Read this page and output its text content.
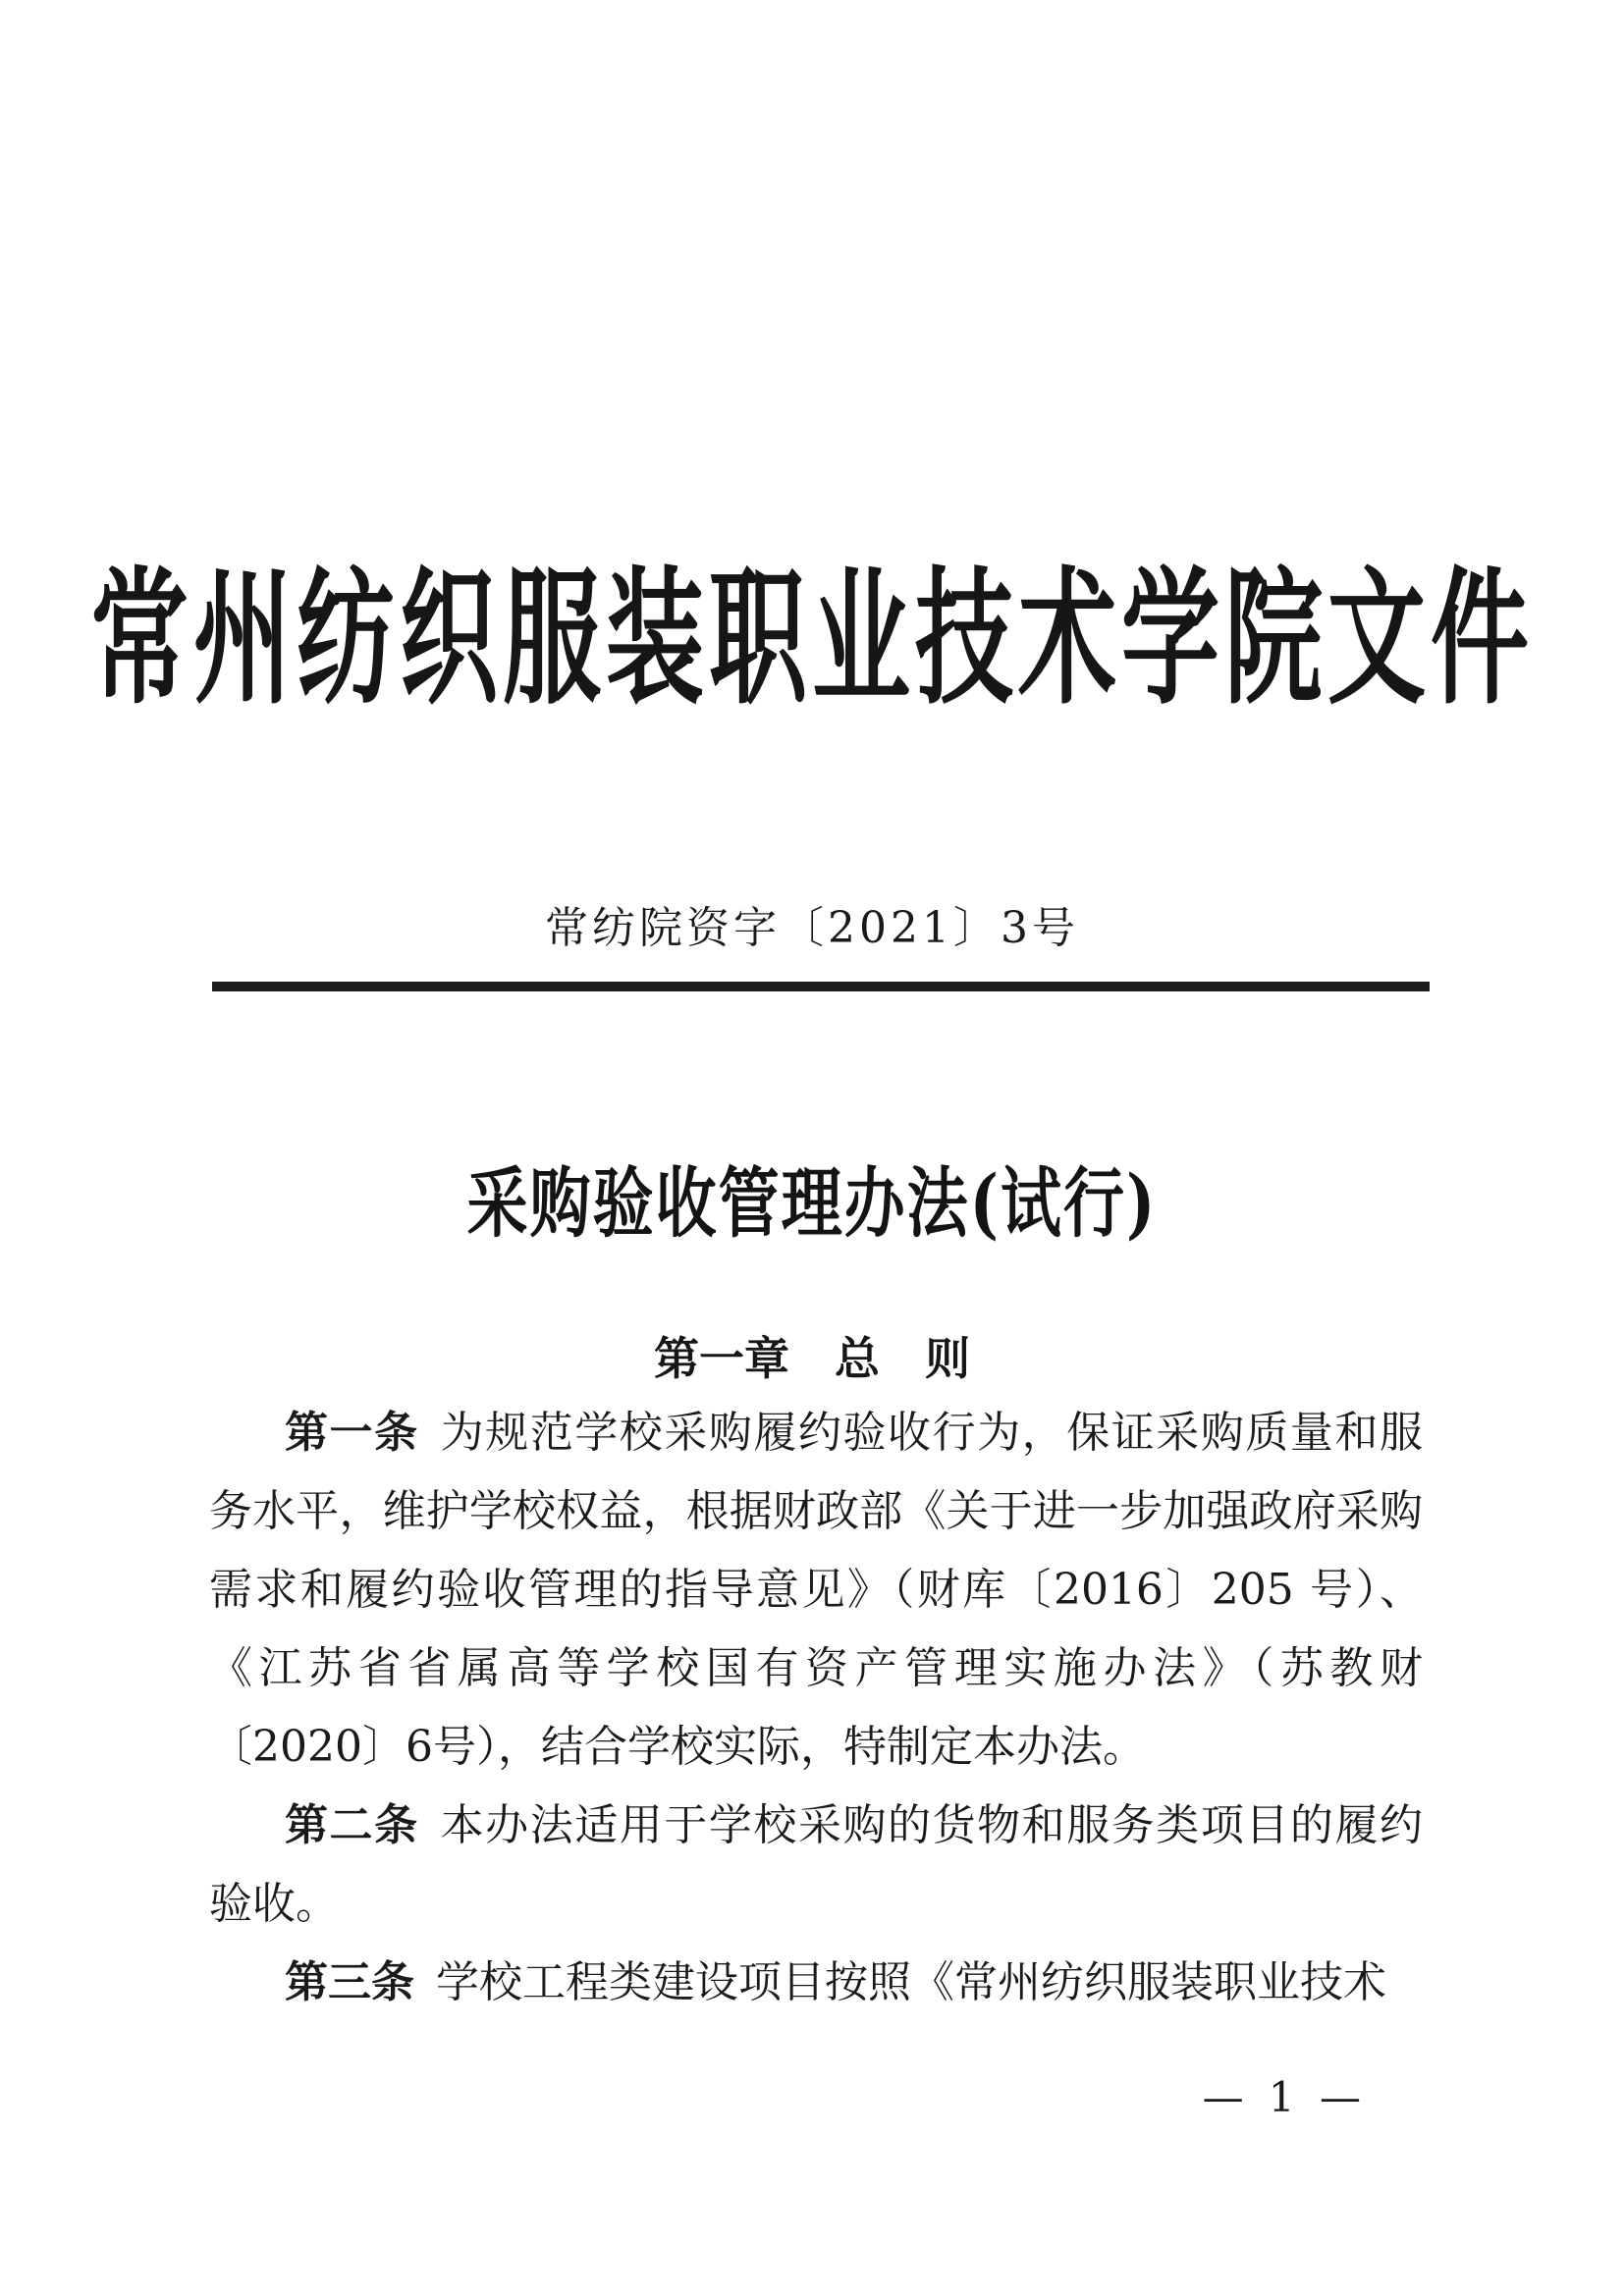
常州纺织服装职业技术学院文件
常纺院资字〔2021〕3号
采购验收管理办法(试行)
第一章　总　则

第一条 为规范学校采购履约验收行为，保证采购质量和服务水平，维护学校权益，根据财政部《关于进一步加强政府采购需求和履约验收管理的指导意见》（财库〔2016〕205 号）、《江苏省省属高等学校国有资产管理实施办法》（苏教财〔2020〕6号），结合学校实际，特制定本办法。

第二条 本办法适用于学校采购的货物和服务类项目的履约验收。

第三条 学校工程类建设项目按照《常州纺织服装职业技术

— 1 —
